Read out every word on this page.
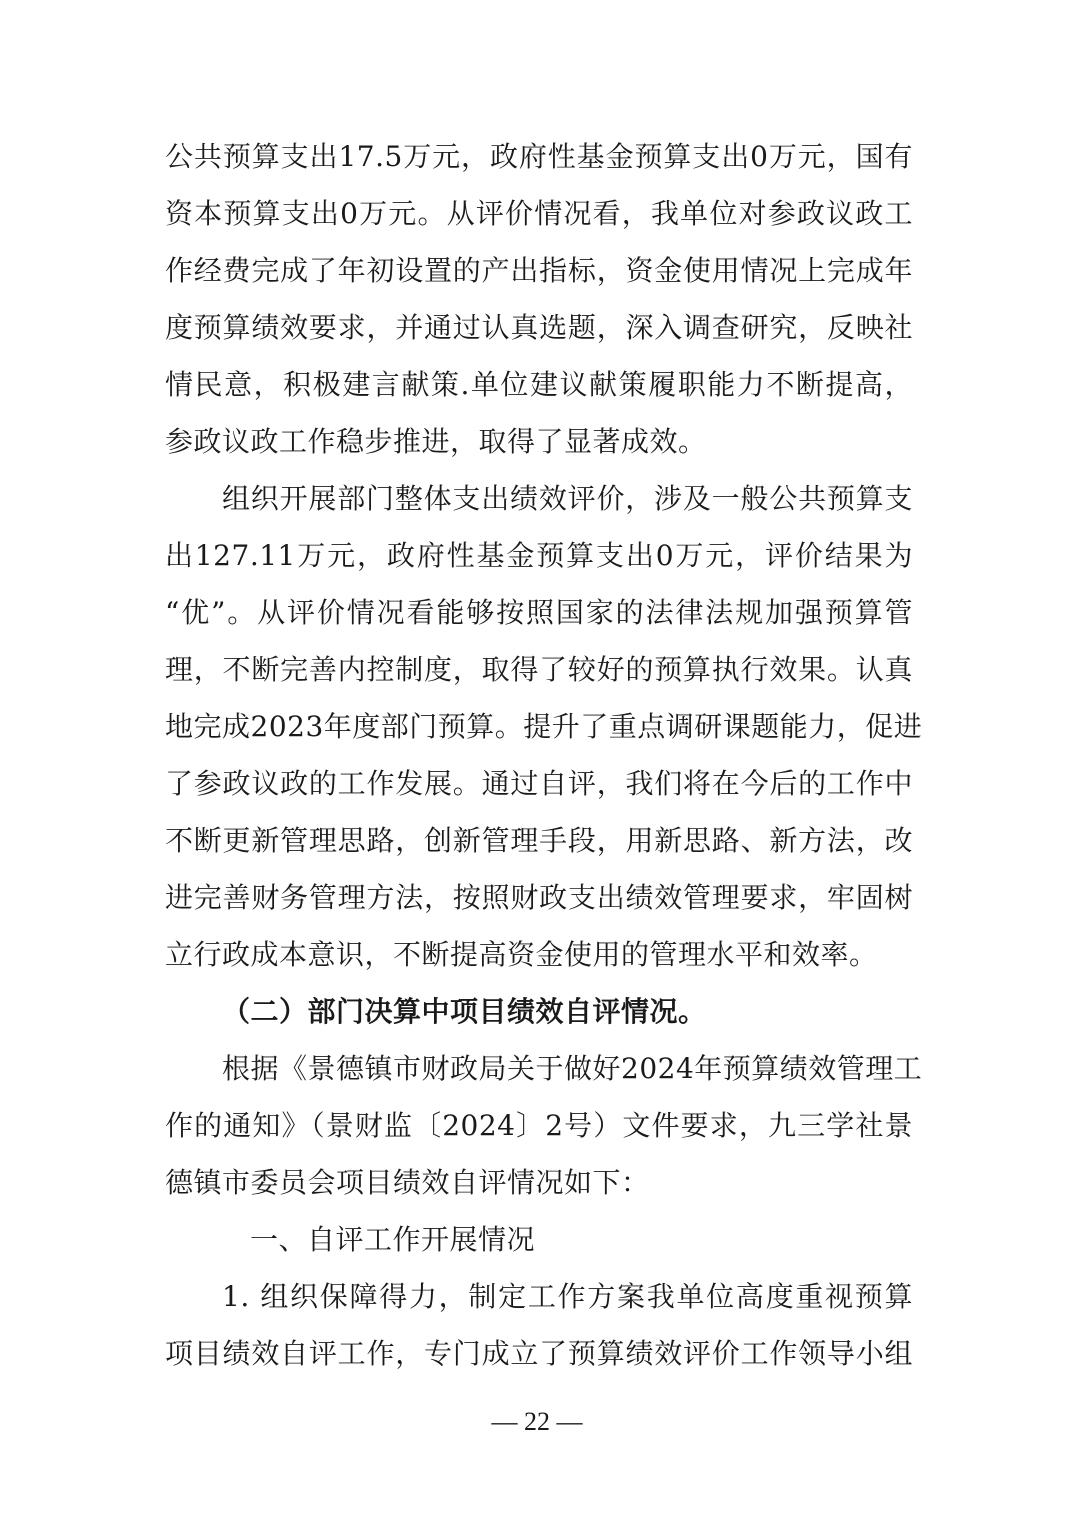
公共预算支出17.5万元，政府性基金预算支出0万元，国有
资本预算支出0万元。从评价情况看，我单位对参政议政工
作经费完成了年初设置的产出指标，资金使用情况上完成年
度预算绩效要求，并通过认真选题，深入调查研究，反映社
情民意，积极建言献策.单位建议献策履职能力不断提高，
参政议政工作稳步推进，取得了显著成效。
组织开展部门整体支出绩效评价，涉及一般公共预算支
出127.11万元，政府性基金预算支出0万元，评价结果为
“优”。从评价情况看能够按照国家的法律法规加强预算管
理，不断完善内控制度，取得了较好的预算执行效果。认真
地完成2023年度部门预算。提升了重点调研课题能力，促进
了参政议政的工作发展。通过自评，我们将在今后的工作中
不断更新管理思路，创新管理手段，用新思路、新方法，改
进完善财务管理方法，按照财政支出绩效管理要求，牢固树
立行政成本意识，不断提高资金使用的管理水平和效率。
（二）部门决算中项目绩效自评情况。
根据《景德镇市财政局关于做好2024年预算绩效管理工
作的通知》（景财监〔2024〕2号）文件要求，九三学社景
德镇市委员会项目绩效自评情况如下：
一、自评工作开展情况
1. 组织保障得力，制定工作方案我单位高度重视预算
项目绩效自评工作，专门成立了预算绩效评价工作领导小组
— 22 —
